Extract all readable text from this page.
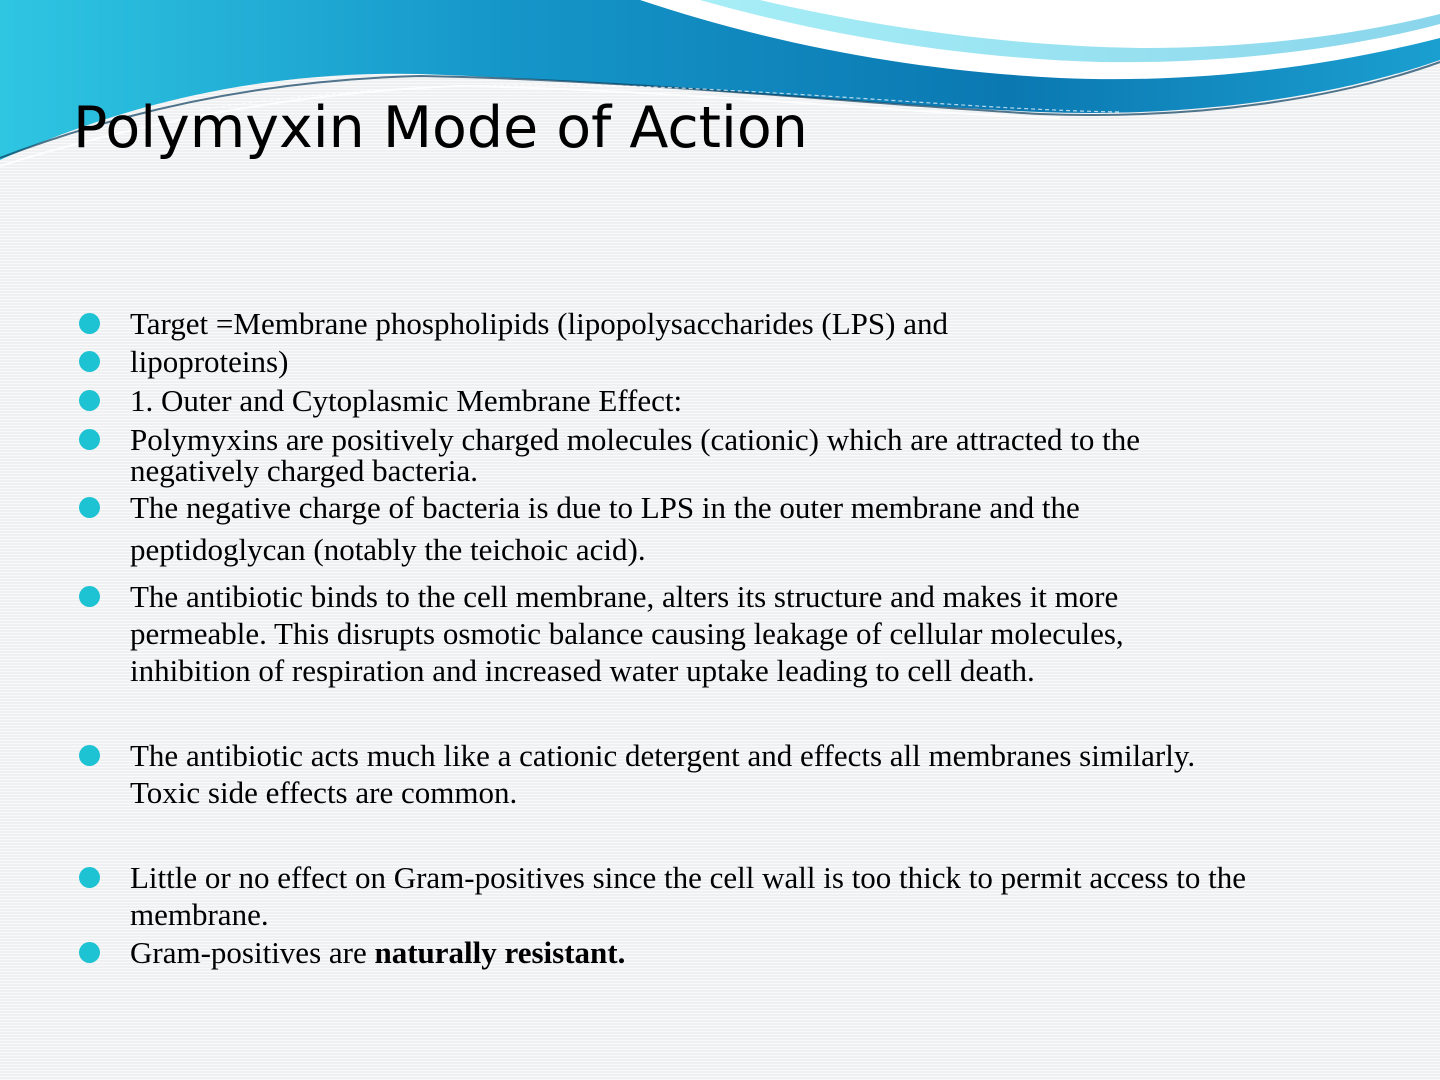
Polymyxin Mode of Action
Target =Membrane phospholipids (lipopolysaccharides (LPS) and
lipoproteins)
1. Outer and Cytoplasmic Membrane Effect:
Polymyxins are positively charged molecules (cationic) which are attracted to the negatively charged bacteria.
The negative charge of bacteria is due to LPS in the outer membrane and the peptidoglycan (notably the teichoic acid).
The antibiotic binds to the cell membrane, alters its structure and makes it more permeable. This disrupts osmotic balance causing leakage of cellular molecules, inhibition of respiration and increased water uptake leading to cell death.
The antibiotic acts much like a cationic detergent and effects all membranes similarly. Toxic side effects are common.
Little or no effect on Gram-positives since the cell wall is too thick to permit access to the membrane.
Gram-positives are naturally resistant.
